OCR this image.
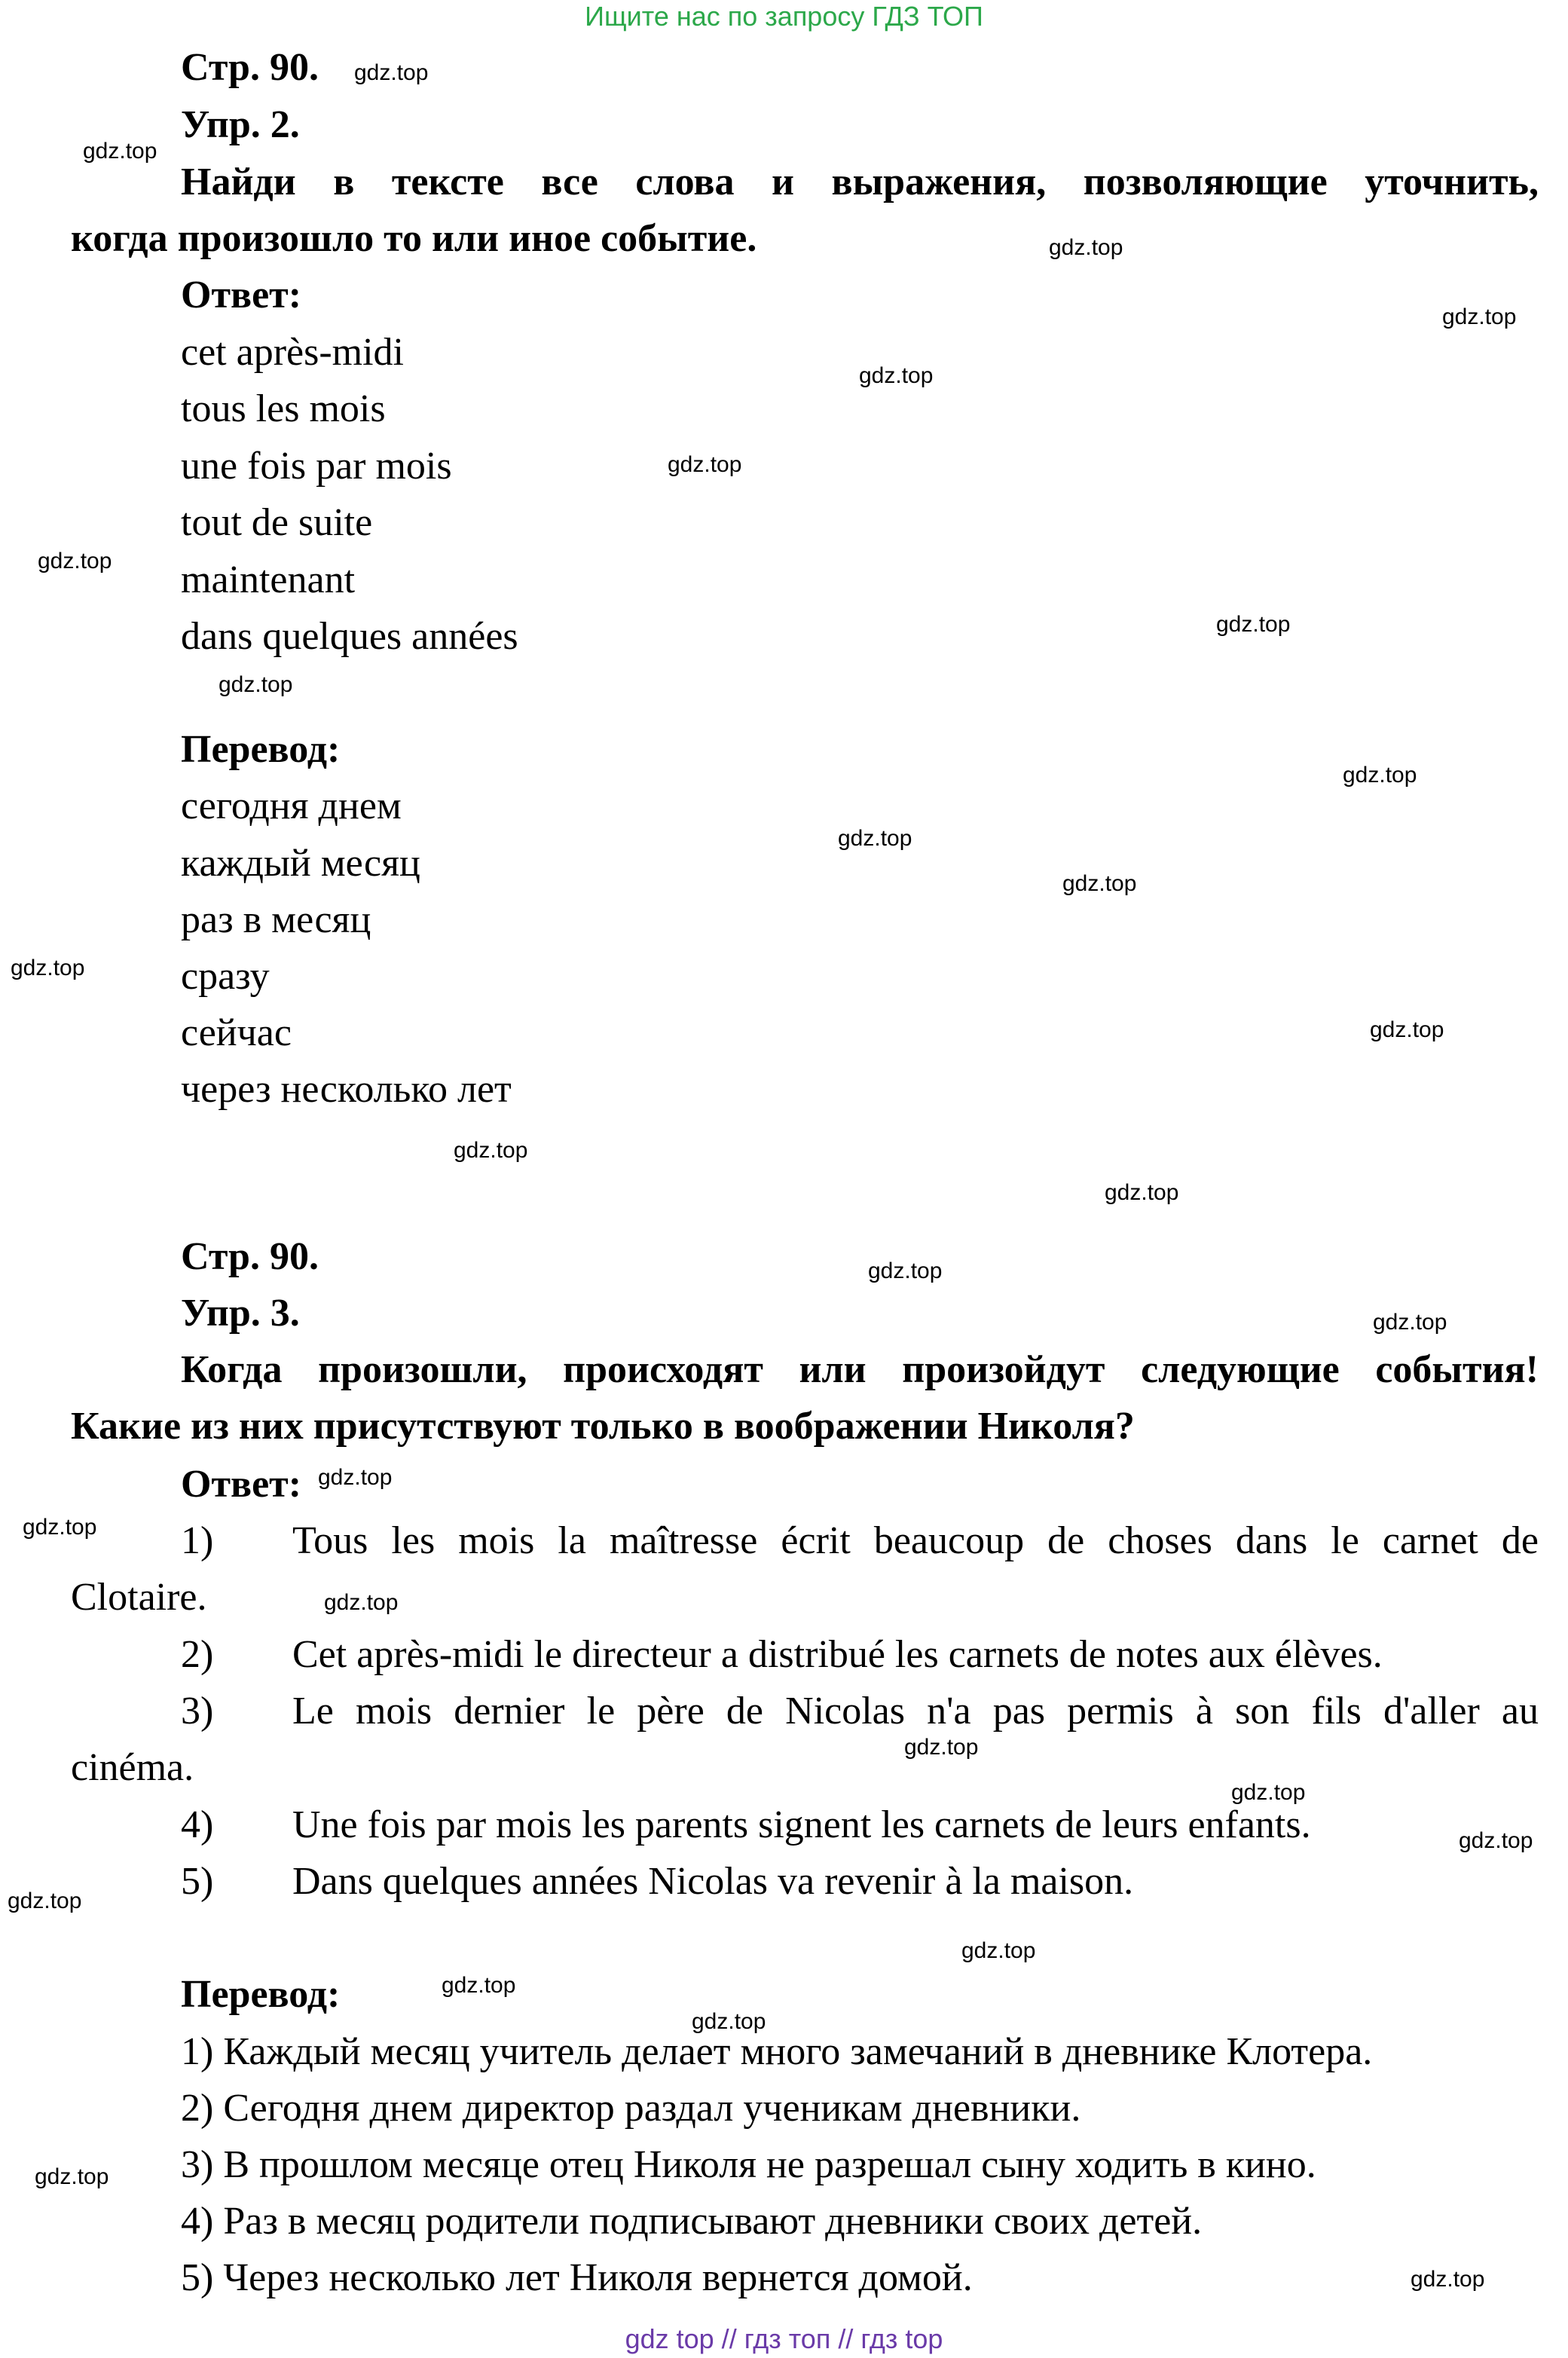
Ищите нас по запросу ГДЗ ТОП
Стр. 90.
Упр. 2.
Найди в тексте все слова и выражения, позволяющие уточнить,
когда произошло то или иное событие.
Ответ:
cet après-midi
tous les mois
une fois par mois
tout de suite
maintenant
dans quelques années
Перевод:
сегодня днем
каждый месяц
раз в месяц
сразу
сейчас
через несколько лет
Стр. 90.
Упр. 3.
Когда произошли, происходят или произойдут следующие события!
Какие из них присутствуют только в воображении Николя?
Ответ:
1) Tous les mois la maîtresse écrit beaucoup de choses dans le carnet de
Clotaire.
2) Cet après-midi le directeur a distribué les carnets de notes aux élèves.
3) Le mois dernier le père de Nicolas n'a pas permis à son fils d'aller au
cinéma.
4) Une fois par mois les parents signent les carnets de leurs enfants.
5) Dans quelques années Nicolas va revenir à la maison.
Перевод:
1) Каждый месяц учитель делает много замечаний в дневнике Клотера.
2) Сегодня днем директор раздал ученикам дневники.
3) В прошлом месяце отец Николя не разрешал сыну ходить в кино.
4) Раз в месяц родители подписывают дневники своих детей.
5) Через несколько лет Николя вернется домой.
gdz.top
gdz.top
gdz.top
gdz.top
gdz.top
gdz.top
gdz.top
gdz.top
gdz.top
gdz.top
gdz.top
gdz.top
gdz.top
gdz.top
gdz.top
gdz.top
gdz.top
gdz.top
gdz.top
gdz.top
gdz.top
gdz.top
gdz.top
gdz.top
gdz.top
gdz.top
gdz.top
gdz.top
gdz.top
gdz.top
gdz top // гдз топ // гдз top
